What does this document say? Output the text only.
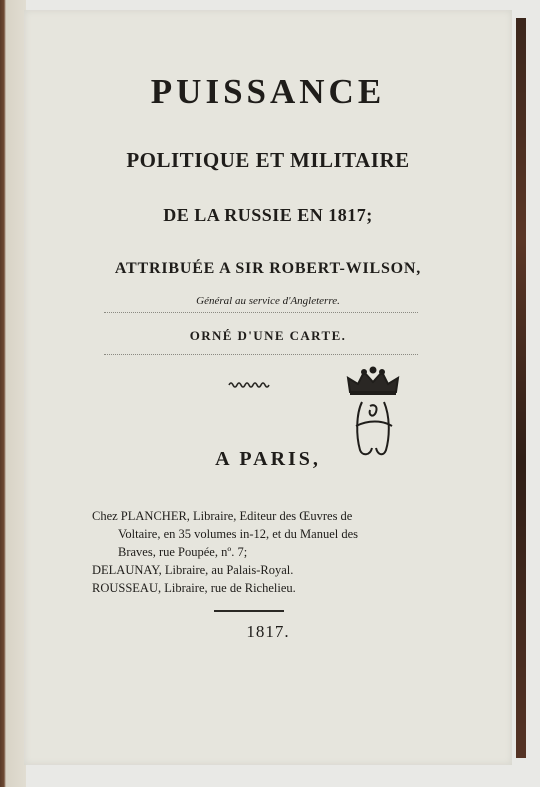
PUISSANCE
POLITIQUE ET MILITAIRE
DE LA RUSSIE EN 1817;
ATTRIBUÉE A SIR ROBERT-WILSON,
Général au service d'Angleterre.
ORNÉ D'UNE CARTE.
A PARIS,
Chez PLANCHER, Libraire, Editeur des Œuvres de
Voltaire, en 35 volumes in-12, et du Manuel des
Braves, rue Poupée, nº. 7;
DELAUNAY, Libraire, au Palais-Royal.
ROUSSEAU, Libraire, rue de Richelieu.
1817.
